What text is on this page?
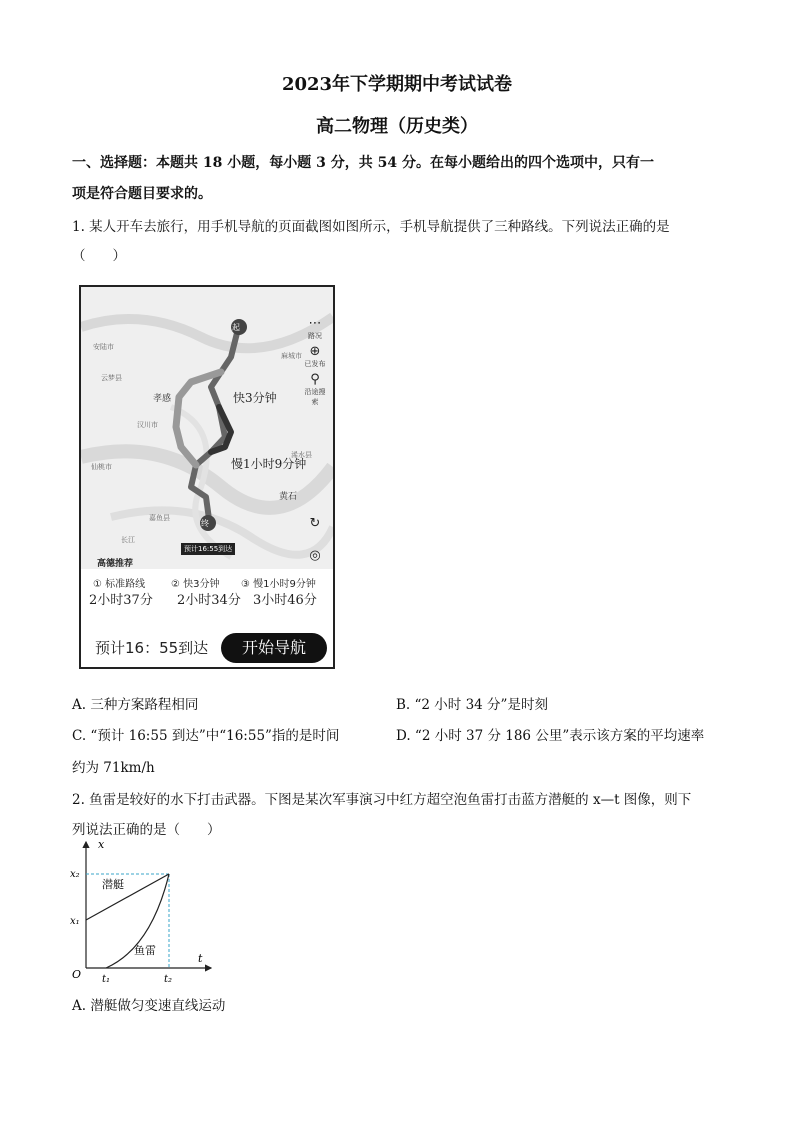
2023年下学期期中考试试卷
高二物理（历史类）
一、选择题：本题共 18 小题，每小题 3 分，共 54 分。在每小题给出的四个选项中，只有一
项是符合题目要求的。
1. 某人开车去旅行，用手机导航的页面截图如图所示，手机导航提供了三种路线。下列说法正确的是
（　　）
起
终
安陆市
云梦县
孝感
汉川市
仙桃市
嘉鱼县
长江
麻城市
黄石
浠水县
高德推荐
快3分钟
慢1小时9分钟
预计16:55到达
⋯
路况
⊕
已发布
⚲
沿途搜索
↻
◎
① 标准路线	② 快3分钟 ③ 慢1小时9分钟
2小时37分 2小时34分 3小时46分
预计16：55到达	开始导航
A. 三种方案路程相同	B. “2 小时 34 分”是时刻
C. “预计 16:55 到达”中“16:55”指的是时间	D. “2 小时 37 分 186 公里”表示该方案的平均速率
约为 71km/h
2. 鱼雷是较好的水下打击武器。下图是某次军事演习中红方超空泡鱼雷打击蓝方潜艇的 x—t 图像，则下
列说法正确的是（　　）
x
t
O
x₁
x₂
t₁	t₂
潜艇
鱼雷
A. 潜艇做匀变速直线运动
